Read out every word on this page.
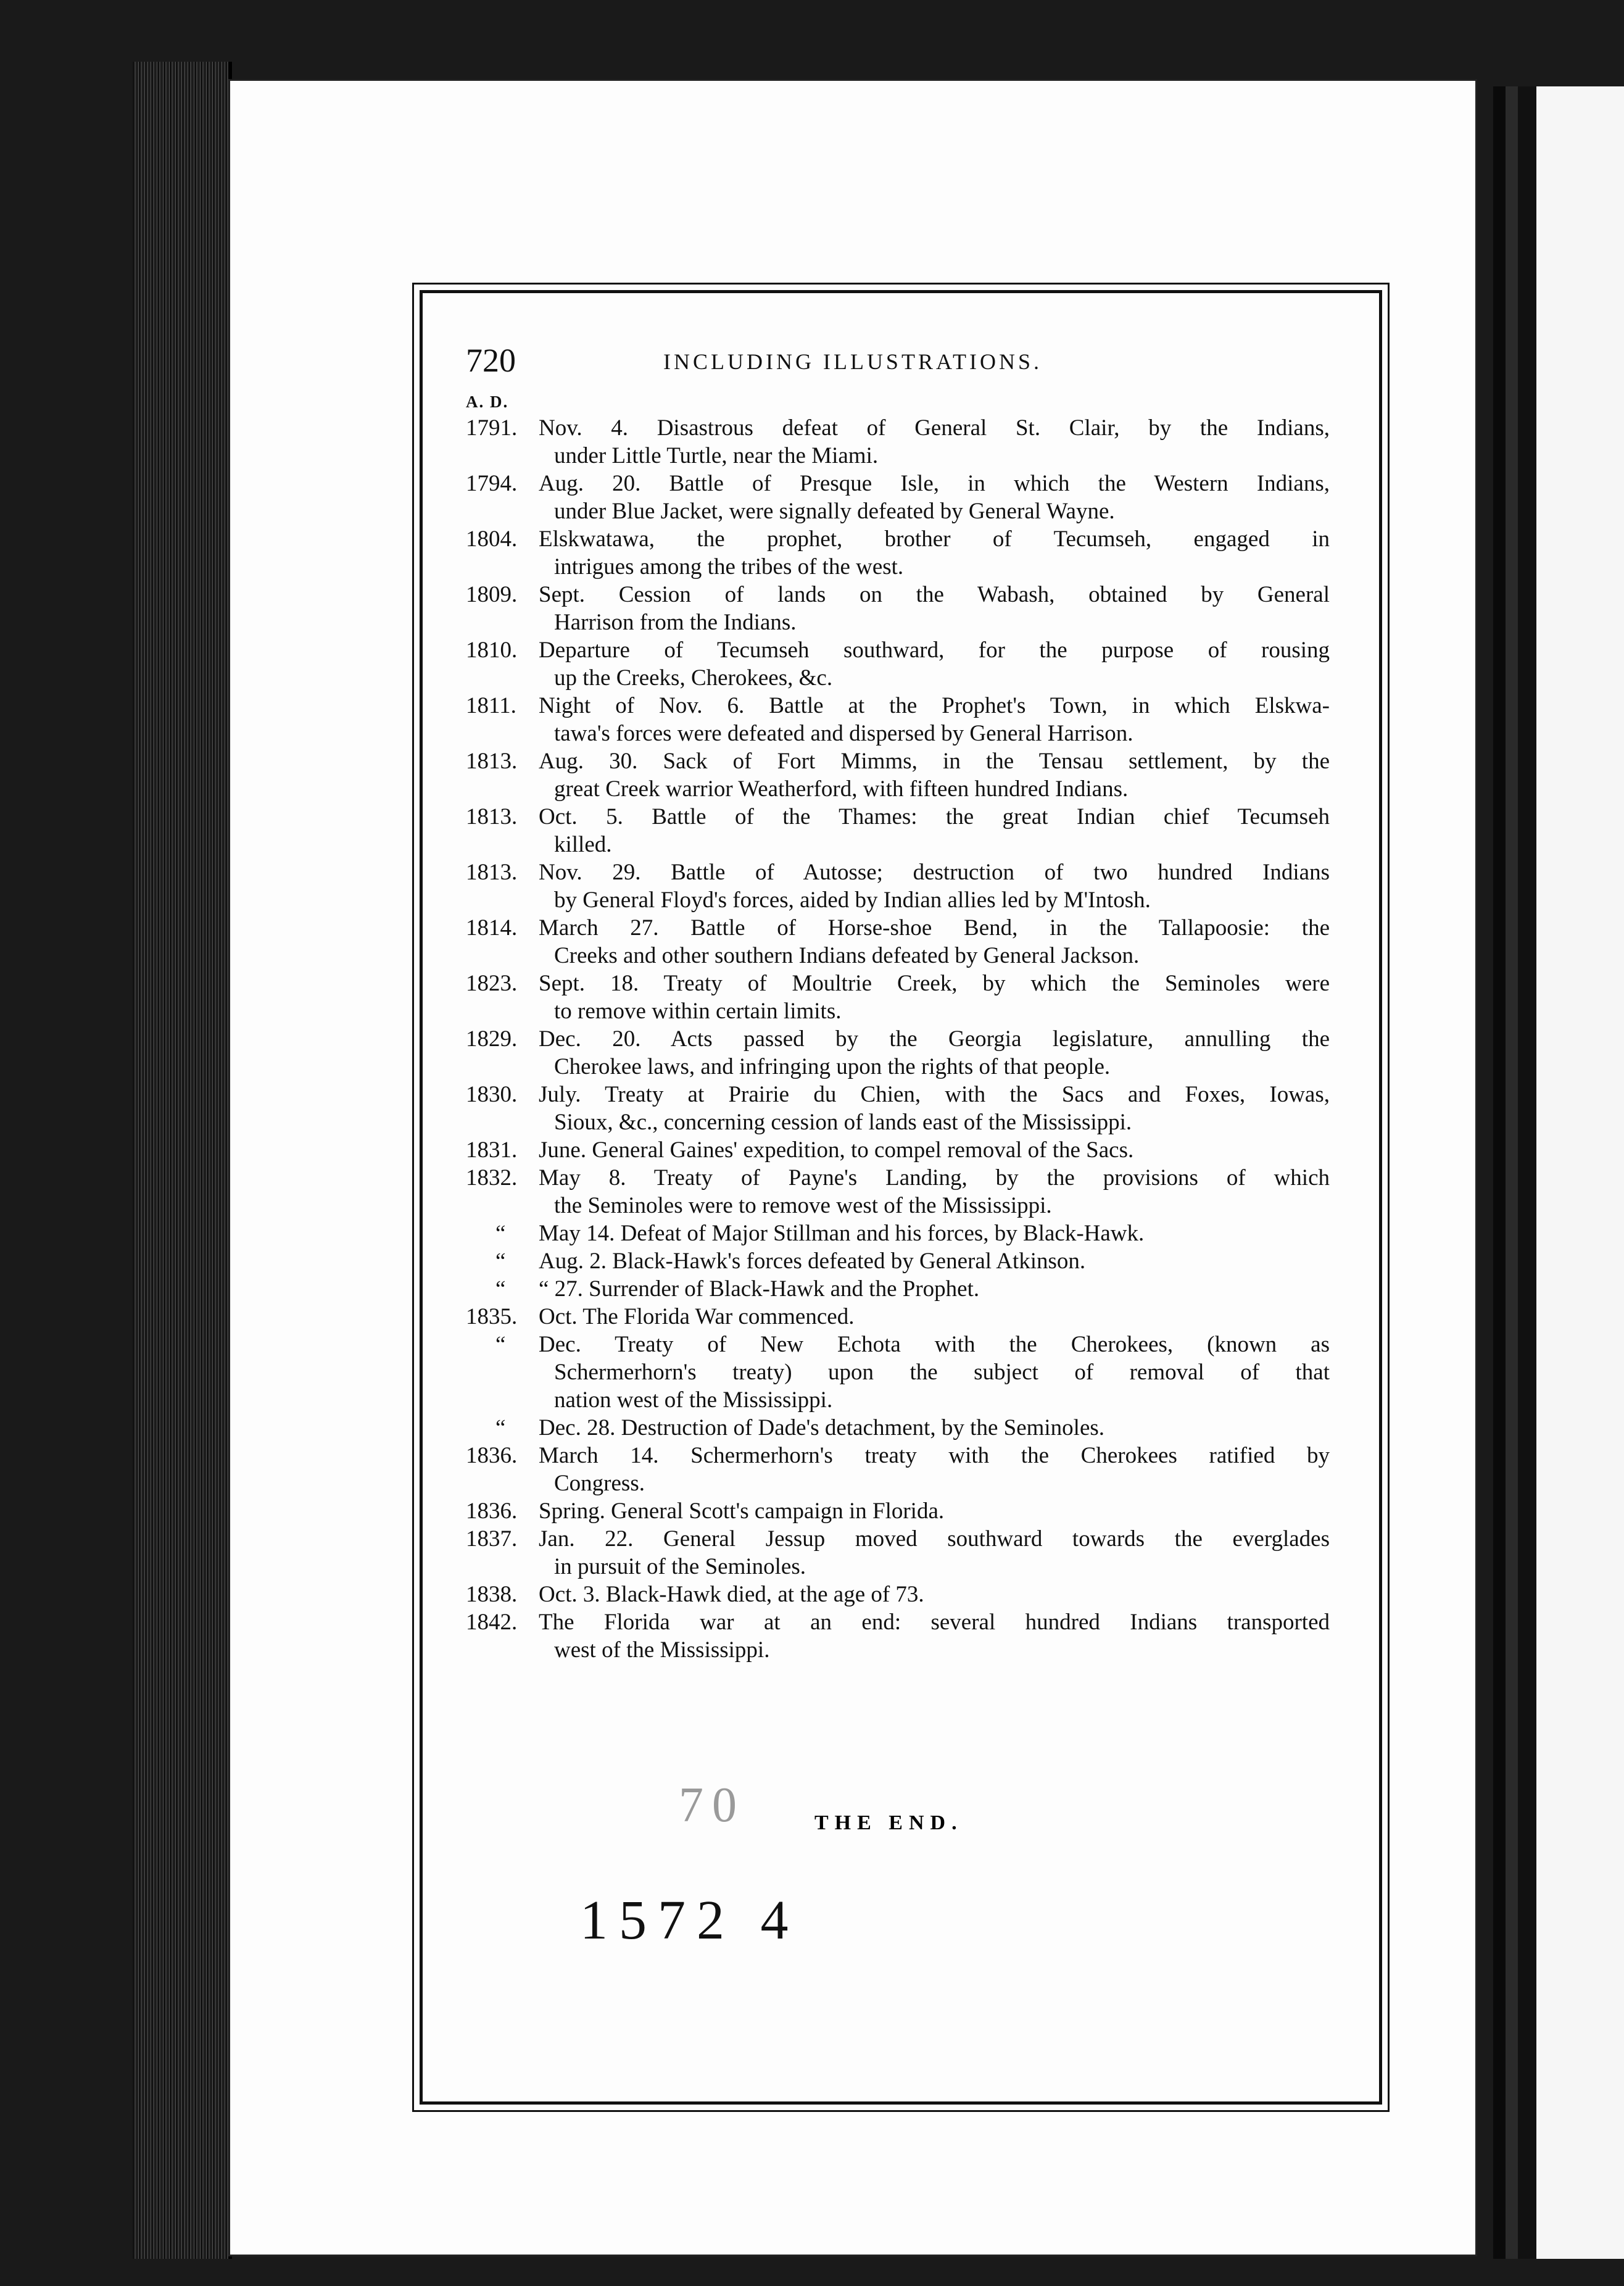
720	INCLUDING ILLUSTRATIONS.
A. D.
1791. Nov. 4. Disastrous defeat of General St. Clair, by the Indians,
under Little Turtle, near the Miami.
1794. Aug. 20. Battle of Presque Isle, in which the Western Indians,
under Blue Jacket, were signally defeated by General Wayne.
1804. Elskwatawa, the prophet, brother of Tecumseh, engaged in
intrigues among the tribes of the west.
1809. Sept. Cession of lands on the Wabash, obtained by General
Harrison from the Indians.
1810. Departure of Tecumseh southward, for the purpose of rousing
up the Creeks, Cherokees, &c.
1811. Night of Nov. 6. Battle at the Prophet's Town, in which Elskwa-
tawa's forces were defeated and dispersed by General Harrison.
1813. Aug. 30. Sack of Fort Mimms, in the Tensau settlement, by the
great Creek warrior Weatherford, with fifteen hundred Indians.
1813. Oct. 5. Battle of the Thames: the great Indian chief Tecumseh
killed.
1813. Nov. 29. Battle of Autosse; destruction of two hundred Indians
by General Floyd's forces, aided by Indian allies led by M'Intosh.
1814. March 27. Battle of Horse-shoe Bend, in the Tallapoosie: the
Creeks and other southern Indians defeated by General Jackson.
1823. Sept. 18. Treaty of Moultrie Creek, by which the Seminoles were
to remove within certain limits.
1829. Dec. 20. Acts passed by the Georgia legislature, annulling the
Cherokee laws, and infringing upon the rights of that people.
1830. July. Treaty at Prairie du Chien, with the Sacs and Foxes, Iowas,
Sioux, &c., concerning cession of lands east of the Mississippi.
1831. June. General Gaines' expedition, to compel removal of the Sacs.
1832. May 8. Treaty of Payne's Landing, by the provisions of which
the Seminoles were to remove west of the Mississippi.
“	May 14. Defeat of Major Stillman and his forces, by Black-Hawk.
“	Aug. 2. Black-Hawk's forces defeated by General Atkinson.
“	“ 27. Surrender of Black-Hawk and the Prophet.
1835. Oct. The Florida War commenced.
“	Dec. Treaty of New Echota with the Cherokees, (known as
Schermerhorn's treaty) upon the subject of removal of that
nation west of the Mississippi.
“	Dec. 28. Destruction of Dade's detachment, by the Seminoles.
1836. March 14. Schermerhorn's treaty with the Cherokees ratified by
Congress.
1836. Spring. General Scott's campaign in Florida.
1837. Jan. 22. General Jessup moved southward towards the everglades
in pursuit of the Seminoles.
1838. Oct. 3. Black-Hawk died, at the age of 73.
1842. The Florida war at an end: several hundred Indians transported
west of the Mississippi.
70	THE END.
1572 4
